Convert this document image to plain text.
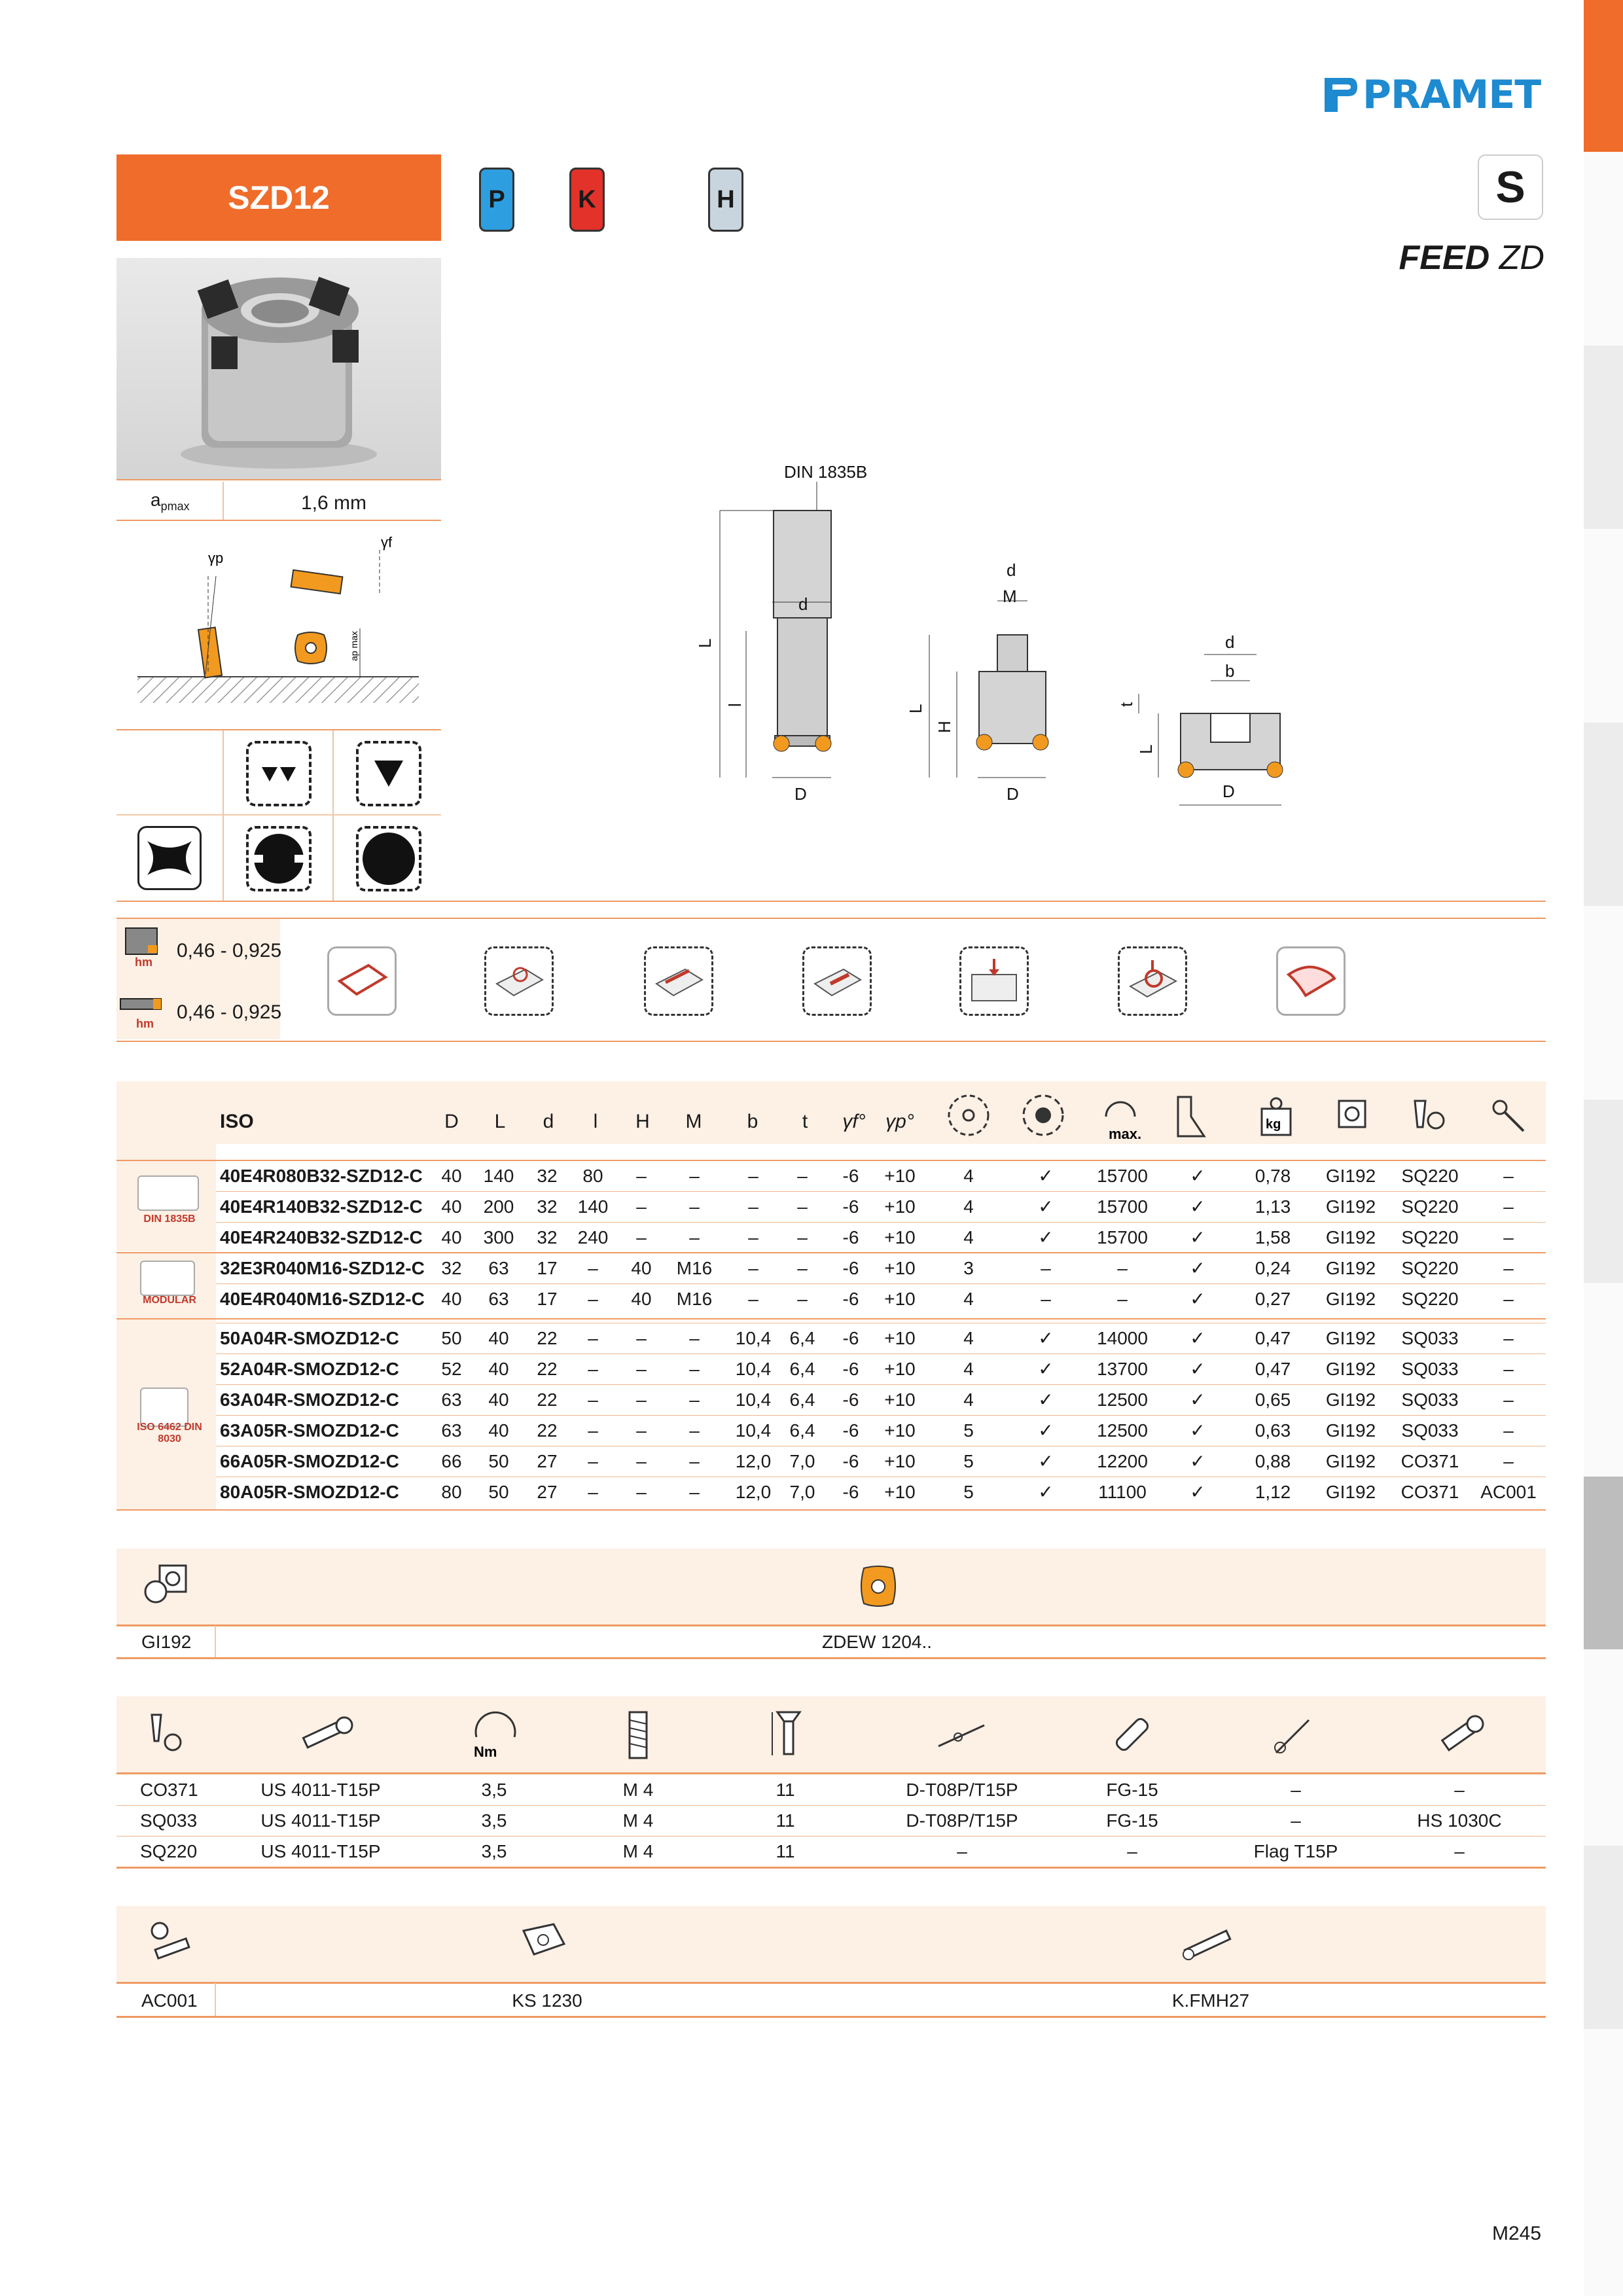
PRAMET
SZD12	P	K	H	S
FEED ZD
$a_{pmax}$	1,6 mm
γp
γf
ap max
hm
0,46 - 0,925
hm
0,46 - 0,925
DIN 1835B
L
l
d
D
d
M
L
H
D
d
b
L
t
D
DIN 1835B
MODULAR
ISO 6462 DIN 8030
ISO	D	L	d	l	H	M	b	t	γf° γp°
max.
kg
40E4R080B32-SZD12-C	40	140	32	80	–	–	–	–	-6	+10	4	✓	15700	✓	0,78	GI192	SQ220	–
40E4R140B32-SZD12-C	40	200	32	140	–	–	–	–	-6	+10	4	✓	15700	✓	1,13	GI192	SQ220	–
40E4R240B32-SZD12-C	40	300	32	240	–	–	–	–	-6	+10	4	✓	15700	✓	1,58	GI192	SQ220	–
32E3R040M16-SZD12-C 32	63	17	–	40	M16	–	–	-6	+10	3	–	–	✓	0,24	GI192	SQ220	–
40E4R040M16-SZD12-C 40	63	17	–	40	M16	–	–	-6	+10	4	–	–	✓	0,27	GI192	SQ220	–
50A04R-SMOZD12-C	50	40	22	–	–	–	10,4	6,4	-6	+10	4	✓	14000	✓	0,47	GI192	SQ033	–
52A04R-SMOZD12-C	52	40	22	–	–	–	10,4	6,4	-6	+10	4	✓	13700	✓	0,47	GI192	SQ033	–
63A04R-SMOZD12-C	63	40	22	–	–	–	10,4	6,4	-6	+10	4	✓	12500	✓	0,65	GI192	SQ033	–
63A05R-SMOZD12-C	63	40	22	–	–	–	10,4	6,4	-6	+10	5	✓	12500	✓	0,63	GI192	SQ033	–
66A05R-SMOZD12-C	66	50	27	–	–	–	12,0	7,0	-6	+10	5	✓	12200	✓	0,88	GI192	CO371	–
80A05R-SMOZD12-C	80	50	27	–	–	–	12,0	7,0	-6	+10	5	✓	11100	✓	1,12	GI192	CO371	AC001
GI192	ZDEW 1204..
Nm
CO371	US 4011-T15P	3,5	M 4	11	D-T08P/T15P	FG-15	–	–
SQ033	US 4011-T15P	3,5	M 4	11	D-T08P/T15P	FG-15	–	HS 1030C
SQ220	US 4011-T15P	3,5	M 4	11	–	–	Flag T15P	–
AC001	KS 1230	K.FMH27
M245
